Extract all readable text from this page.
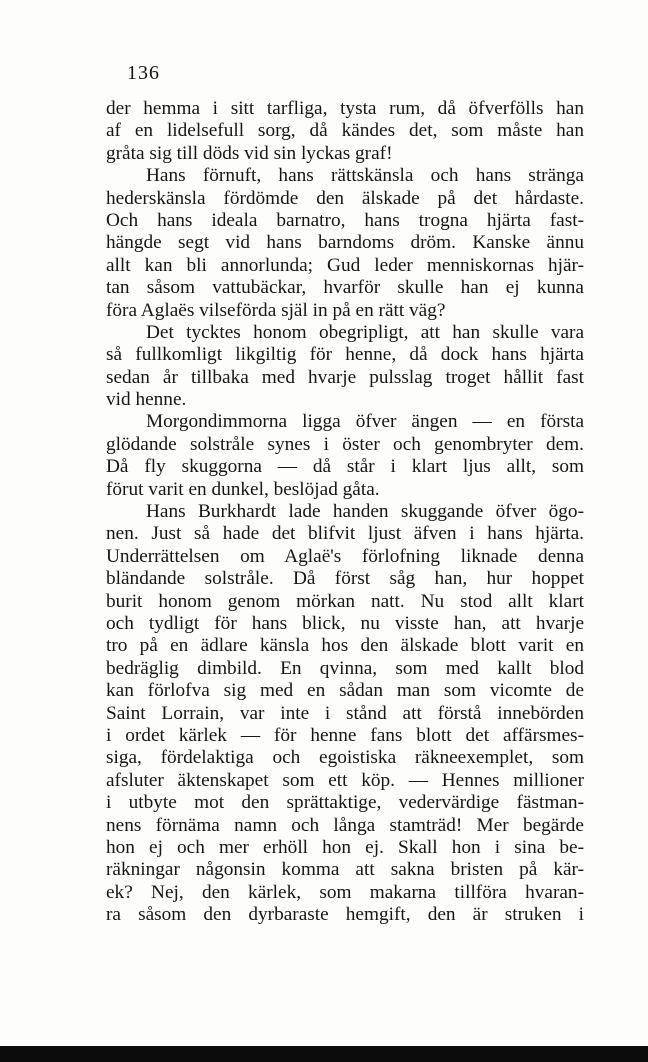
136
der hemma i sitt tarfliga, tysta rum, då öfverfölls han
af en lidelsefull sorg, då kändes det, som måste han
gråta sig till döds vid sin lyckas graf!
Hans förnuft, hans rättskänsla och hans stränga
hederskänsla fördömde den älskade på det hårdaste.
Och hans ideala barnatro, hans trogna hjärta fast-
hängde segt vid hans barndoms dröm. Kanske ännu
allt kan bli annorlunda; Gud leder menniskornas hjär-
tan såsom vattubäckar, hvarför skulle han ej kunna
föra Aglaës vilseförda själ in på en rätt väg?
Det tycktes honom obegripligt, att han skulle vara
så fullkomligt likgiltig för henne, då dock hans hjärta
sedan år tillbaka med hvarje pulsslag troget hållit fast
vid henne.
Morgondimmorna ligga öfver ängen — en första
glödande solstråle synes i öster och genombryter dem.
Då fly skuggorna — då står i klart ljus allt, som
förut varit en dunkel, beslöjad gåta.
Hans Burkhardt lade handen skuggande öfver ögo-
nen. Just så hade det blifvit ljust äfven i hans hjärta.
Underrättelsen om Aglaë's förlofning liknade denna
bländande solstråle. Då först såg han, hur hoppet
burit honom genom mörkan natt. Nu stod allt klart
och tydligt för hans blick, nu visste han, att hvarje
tro på en ädlare känsla hos den älskade blott varit en
bedräglig dimbild. En qvinna, som med kallt blod
kan förlofva sig med en sådan man som vicomte de
Saint Lorrain, var inte i stånd att förstå innebörden
i ordet kärlek — för henne fans blott det affärsmes-
siga, fördelaktiga och egoistiska räkneexemplet, som
afsluter äktenskapet som ett köp. — Hennes millioner
i utbyte mot den sprättaktige, vedervärdige fästman-
nens förnäma namn och långa stamträd! Mer begärde
hon ej och mer erhöll hon ej. Skall hon i sina be-
räkningar någonsin komma att sakna bristen på kär-
ek? Nej, den kärlek, som makarna tillföra hvaran-
ra såsom den dyrbaraste hemgift, den är struken i
